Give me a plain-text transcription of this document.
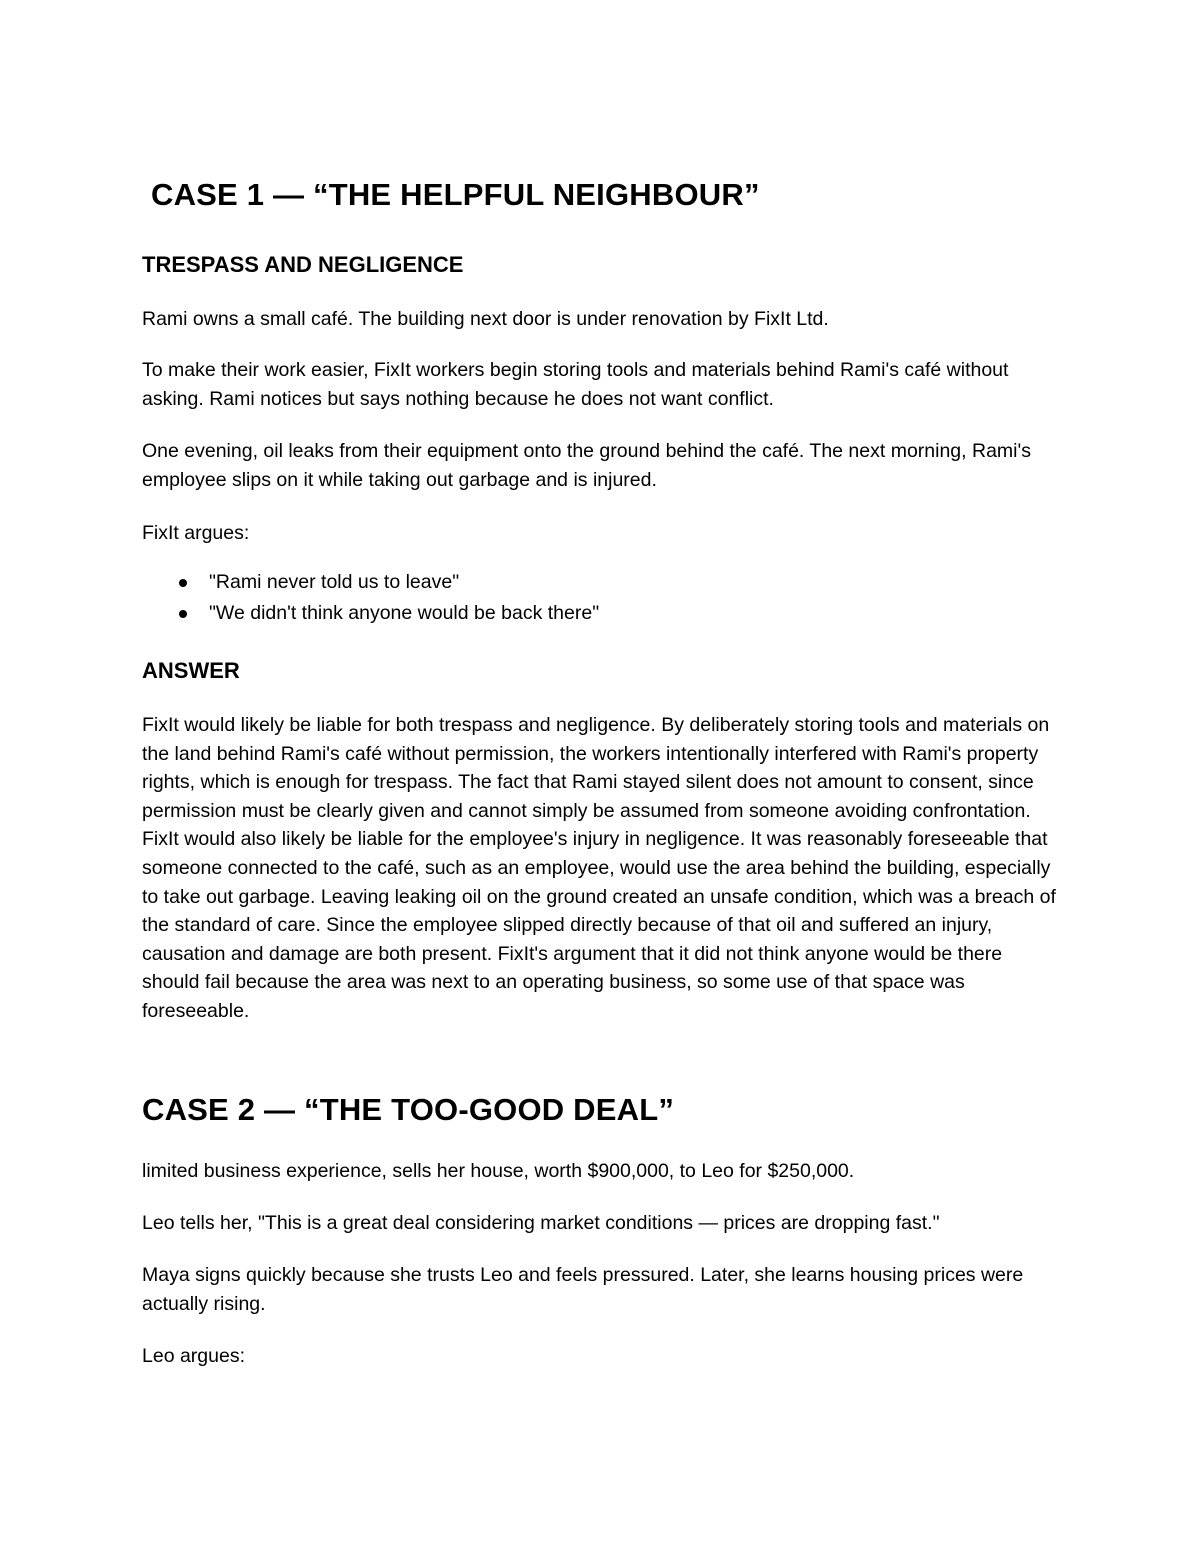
CASE 1 — “THE HELPFUL NEIGHBOUR”
TRESPASS AND NEGLIGENCE

Rami owns a small café. The building next door is under renovation by FixIt Ltd.

To make their work easier, FixIt workers begin storing tools and materials behind Rami's café without asking. Rami notices but says nothing because he does not want conflict.

One evening, oil leaks from their equipment onto the ground behind the café. The next morning, Rami's employee slips on it while taking out garbage and is injured.

FixIt argues:

"Rami never told us to leave"
"We didn't think anyone would be back there"
ANSWER

FixIt would likely be liable for both trespass and negligence. By deliberately storing tools and materials on the land behind Rami's café without permission, the workers intentionally interfered with Rami's property rights, which is enough for trespass. The fact that Rami stayed silent does not amount to consent, since permission must be clearly given and cannot simply be assumed from someone avoiding confrontation. FixIt would also likely be liable for the employee's injury in negligence. It was reasonably foreseeable that someone connected to the café, such as an employee, would use the area behind the building, especially to take out garbage. Leaving leaking oil on the ground created an unsafe condition, which was a breach of the standard of care. Since the employee slipped directly because of that oil and suffered an injury, causation and damage are both present. FixIt's argument that it did not think anyone would be there should fail because the area was next to an operating business, so some use of that space was foreseeable.

CASE 2 — “THE TOO-GOOD DEAL”

limited business experience, sells her house, worth $900,000, to Leo for $250,000.

Leo tells her, "This is a great deal considering market conditions — prices are dropping fast."

Maya signs quickly because she trusts Leo and feels pressured. Later, she learns housing prices were actually rising.

Leo argues:
